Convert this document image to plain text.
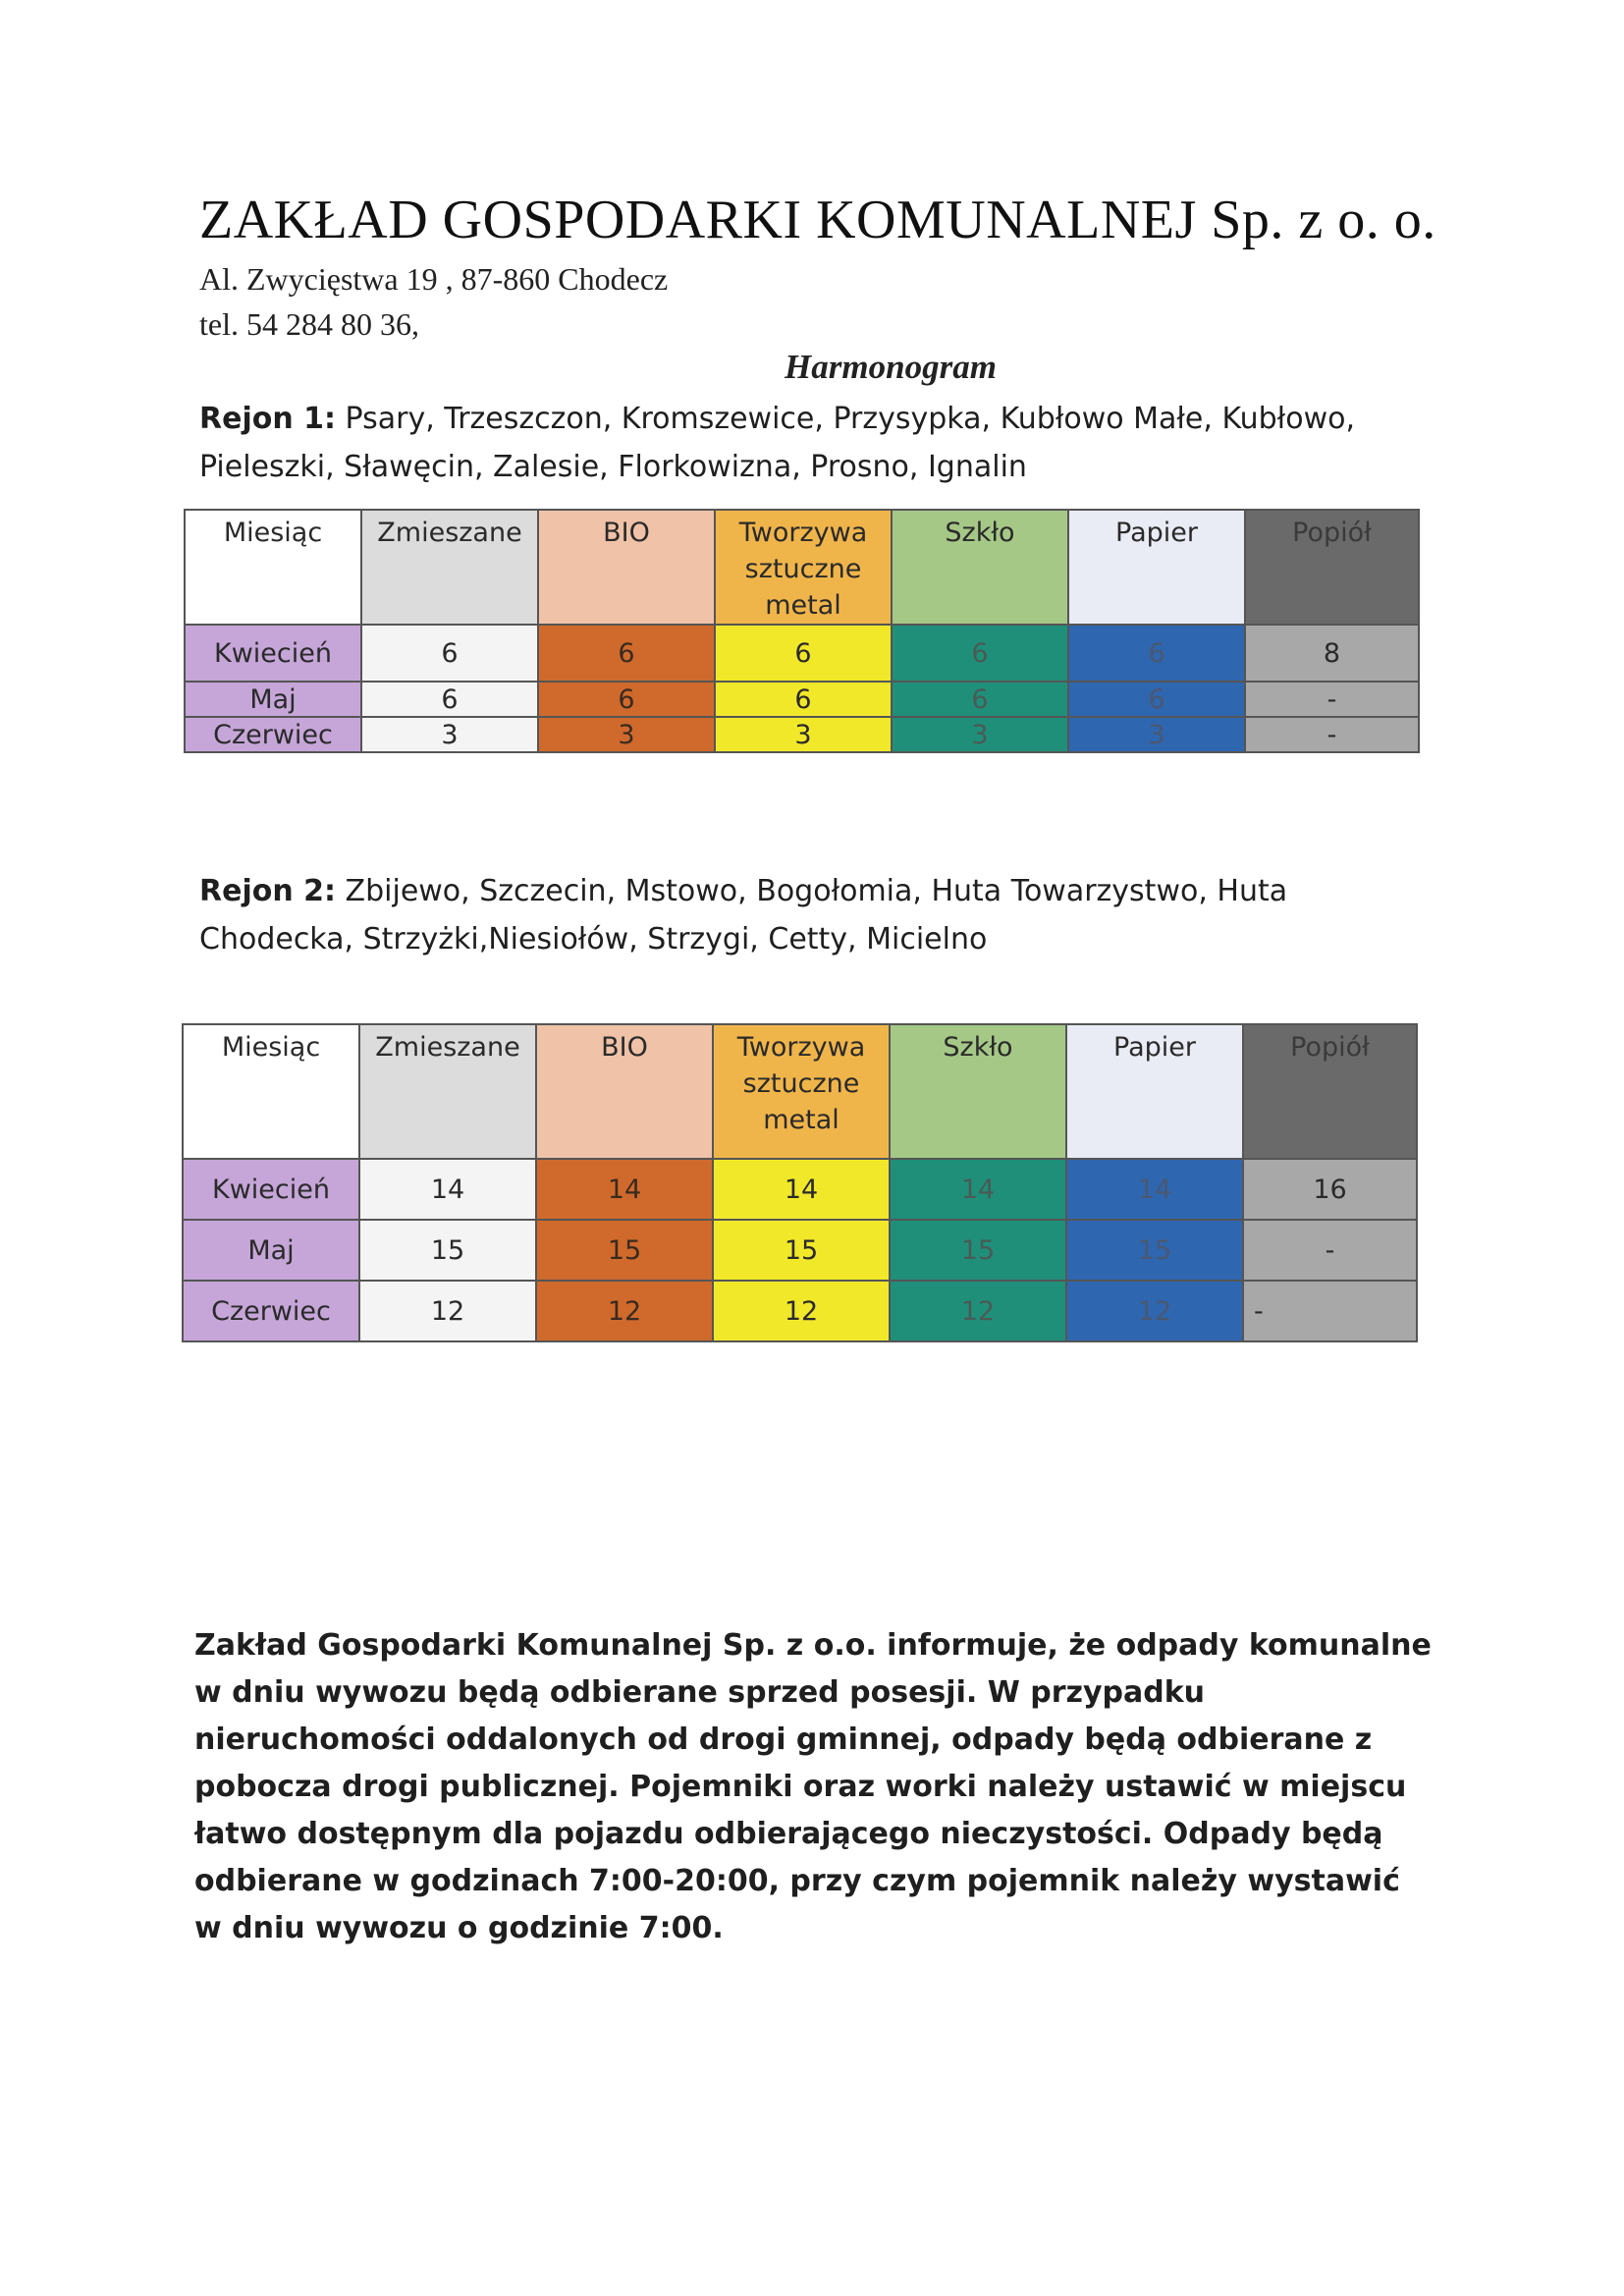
ZAKŁAD GOSPODARKI KOMUNALNEJ Sp. z o. o.
Al. Zwycięstwa 19 , 87-860 Chodecz
tel. 54 284 80 36,
Harmonogram
Rejon 1: Psary, Trzeszczon, Kromszewice, Przysypka, Kubłowo Małe, Kubłowo, Pieleszki, Sławęcin, Zalesie, Florkowizna, Prosno, Ignalin
Miesiąc	Zmieszane	BIO	Tworzywa
sztuczne
metal	Szkło	Papier	Popiół
Kwiecień	6	6	6	6	6	8
Maj	6	6	6	6	6	-
Czerwiec	3	3	3	3	3	-
Rejon 2: Zbijewo, Szczecin, Mstowo, Bogołomia, Huta Towarzystwo, Huta Chodecka, Strzyżki,Niesiołów, Strzygi, Cetty, Micielno
Miesiąc	Zmieszane	BIO	Tworzywa
sztuczne
metal	Szkło	Papier	Popiół
Kwiecień	14	14	14	14	14	16
Maj	15	15	15	15	15	-
Czerwiec	12	12	12	12	12	-
Zakład Gospodarki Komunalnej Sp. z o.o. informuje, że odpady komunalne w dniu wywozu będą odbierane sprzed posesji. W przypadku nieruchomości oddalonych od drogi gminnej, odpady będą odbierane z pobocza drogi publicznej. Pojemniki oraz worki należy ustawić w miejscu łatwo dostępnym dla pojazdu odbierającego nieczystości. Odpady będą odbierane w godzinach 7:00-20:00, przy czym pojemnik należy wystawić w dniu wywozu o godzinie 7:00.
